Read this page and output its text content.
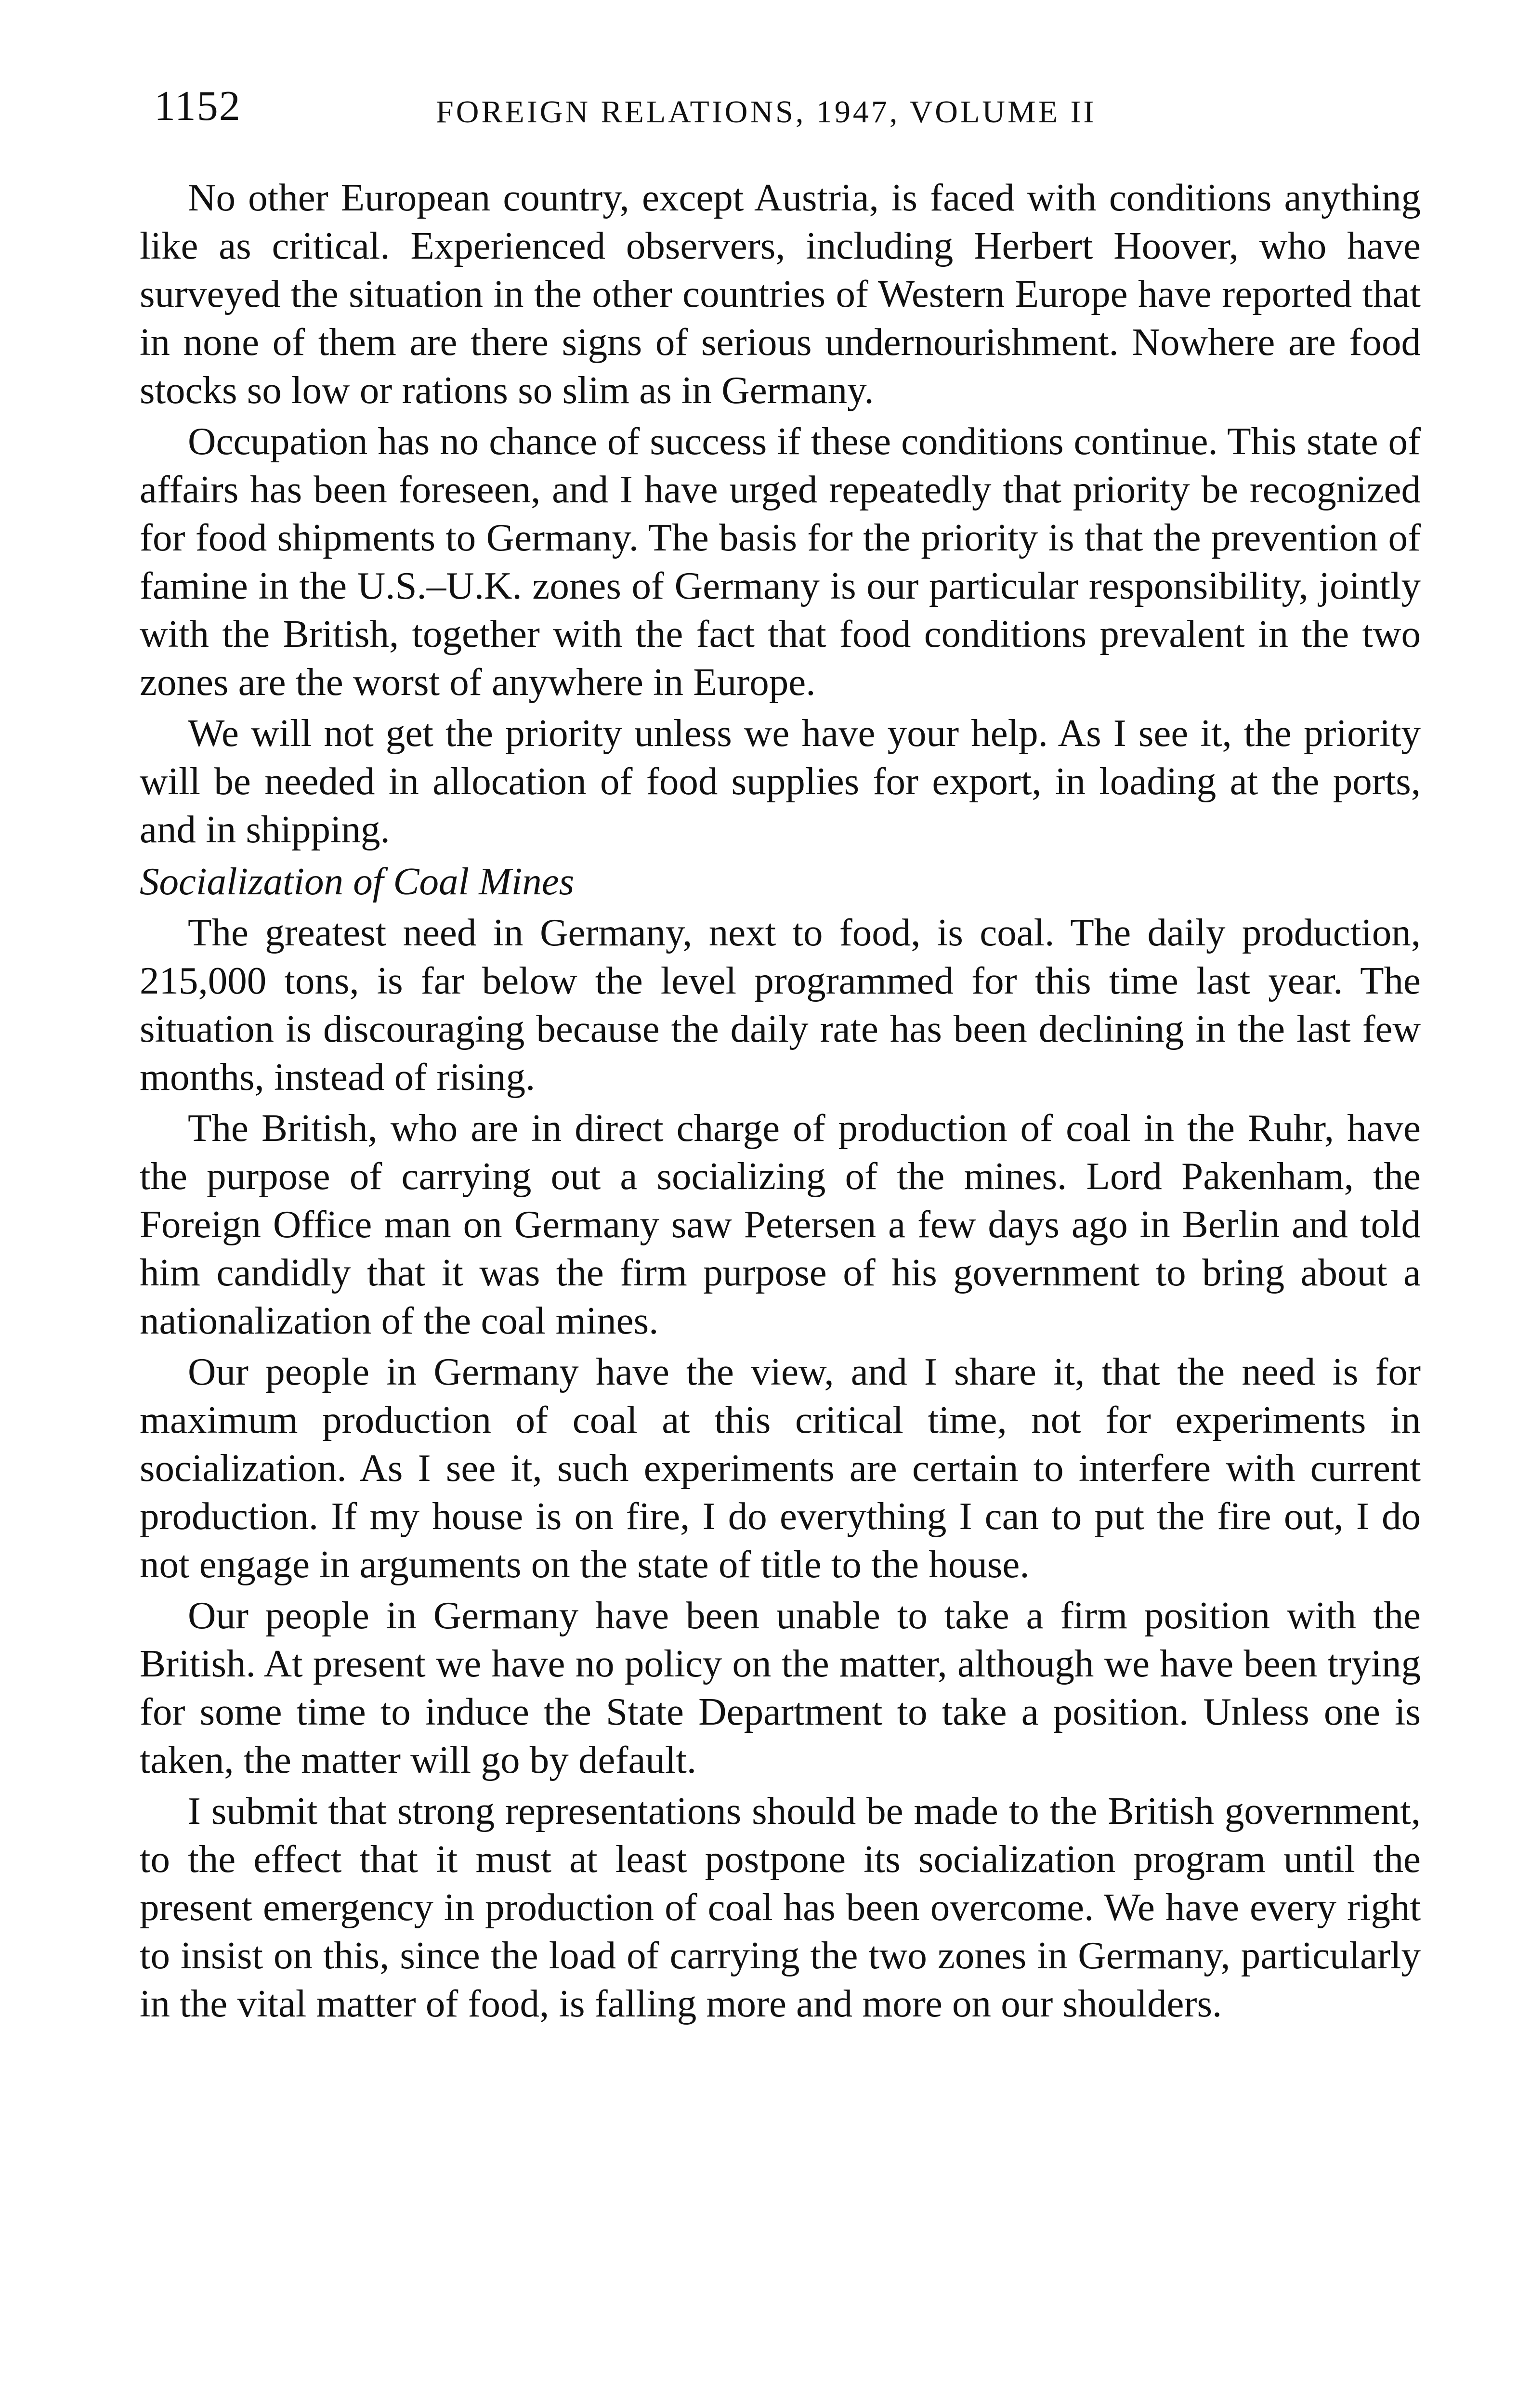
1152	FOREIGN RELATIONS, 1947, VOLUME II

No other European country, except Austria, is faced with conditions anything like as critical. Experienced observers, including Herbert Hoover, who have surveyed the situation in the other countries of Western Europe have reported that in none of them are there signs of serious undernourishment. Nowhere are food stocks so low or rations so slim as in Germany.

Occupation has no chance of success if these conditions continue. This state of affairs has been foreseen, and I have urged repeatedly that priority be recognized for food shipments to Germany. The basis for the priority is that the prevention of famine in the U.S.–U.K. zones of Germany is our particular responsibility, jointly with the British, together with the fact that food conditions prevalent in the two zones are the worst of anywhere in Europe.

We will not get the priority unless we have your help. As I see it, the priority will be needed in allocation of food supplies for export, in loading at the ports, and in shipping.

Socialization of Coal Mines

The greatest need in Germany, next to food, is coal. The daily production, 215,000 tons, is far below the level programmed for this time last year. The situation is discouraging because the daily rate has been declining in the last few months, instead of rising.

The British, who are in direct charge of production of coal in the Ruhr, have the purpose of carrying out a socializing of the mines. Lord Pakenham, the Foreign Office man on Germany saw Petersen a few days ago in Berlin and told him candidly that it was the firm purpose of his government to bring about a nationalization of the coal mines.

Our people in Germany have the view, and I share it, that the need is for maximum production of coal at this critical time, not for experiments in socialization. As I see it, such experiments are certain to interfere with current production. If my house is on fire, I do everything I can to put the fire out, I do not engage in arguments on the state of title to the house.

Our people in Germany have been unable to take a firm position with the British. At present we have no policy on the matter, although we have been trying for some time to induce the State Department to take a position. Unless one is taken, the matter will go by default.

I submit that strong representations should be made to the British government, to the effect that it must at least postpone its socialization program until the present emergency in production of coal has been overcome. We have every right to insist on this, since the load of carrying the two zones in Germany, particularly in the vital matter of food, is falling more and more on our shoulders.
